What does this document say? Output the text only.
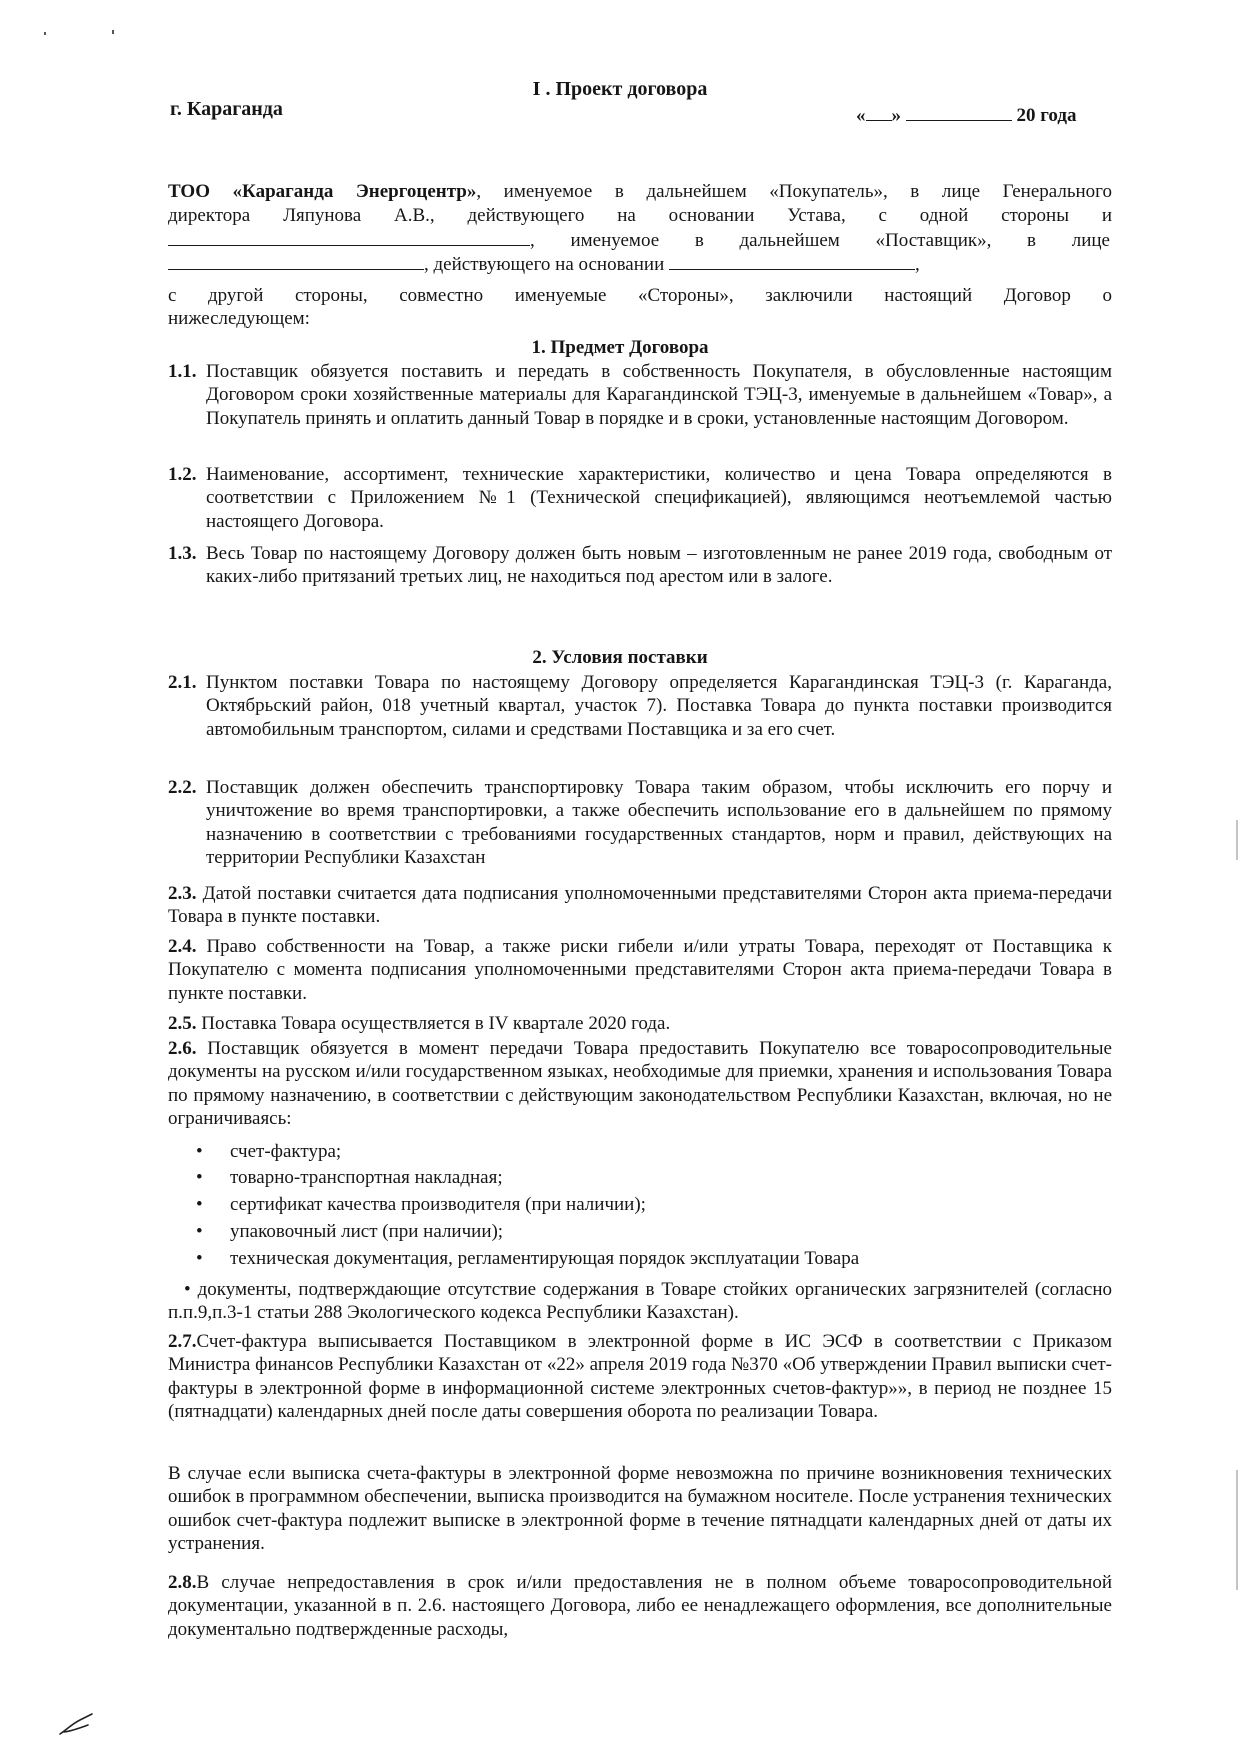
I . Проект договора
г. Караганда	« »	20 года
ТОО «Караганда Энергоцентр», именуемое в дальнейшем «Покупатель», в лице Генерального
директора Ляпунова А.В., действующего на основании Устава, с одной стороны и
, именуемое в дальнейшем «Поставщик», в лице
, действующего на основании	,
с другой стороны, совместно именуемые «Стороны», заключили настоящий Договор о
нижеследующем:
1. Предмет Договора
1.1. Поставщик обязуется поставить и передать в собственность Покупателя, в обусловленные настоящим Договором сроки хозяйственные материалы для Карагандинской ТЭЦ-3, именуемые в дальнейшем «Товар», а Покупатель принять и оплатить данный Товар в порядке и в сроки, установленные настоящим Договором.
1.2. Наименование, ассортимент, технические характеристики, количество и цена Товара определяются в соответствии с Приложением №1 (Технической спецификацией), являющимся неотъемлемой частью настоящего Договора.
1.3. Весь Товар по настоящему Договору должен быть новым – изготовленным не ранее 2019 года, свободным от каких-либо притязаний третьих лиц, не находиться под арестом или в залоге.
2. Условия поставки
2.1. Пунктом поставки Товара по настоящему Договору определяется Карагандинская ТЭЦ-3 (г. Караганда, Октябрьский район, 018 учетный квартал, участок 7). Поставка Товара до пункта поставки производится автомобильным транспортом, силами и средствами Поставщика и за его счет.
2.2. Поставщик должен обеспечить транспортировку Товара таким образом, чтобы исключить его порчу и уничтожение во время транспортировки, а также обеспечить использование его в дальнейшем по прямому назначению в соответствии с требованиями государственных стандартов, норм и правил, действующих на территории Республики Казахстан
2.3. Датой поставки считается дата подписания уполномоченными представителями Сторон акта приема-передачи Товара в пункте поставки.
2.4. Право собственности на Товар, а также риски гибели и/или утраты Товара, переходят от Поставщика к Покупателю с момента подписания уполномоченными представителями Сторон акта приема-передачи Товара в пункте поставки.
2.5. Поставка Товара осуществляется в IV квартале 2020 года.
2.6. Поставщик обязуется в момент передачи Товара предоставить Покупателю все товаросопроводительные документы на русском и/или государственном языках, необходимые для приемки, хранения и использования Товара по прямому назначению, в соответствии с действующим законодательством Республики Казахстан, включая, но не ограничиваясь:
• счет-фактура;
• товарно-транспортная накладная;
• сертификат качества производителя (при наличии);
• упаковочный лист (при наличии);
• техническая документация, регламентирующая порядок эксплуатации Товара
• документы, подтверждающие отсутствие содержания в Товаре стойких органических загрязнителей (согласно п.п.9,п.3-1 статьи 288 Экологического кодекса Республики Казахстан).
2.7.Счет-фактура выписывается Поставщиком в электронной форме в ИС ЭСФ в соответствии с Приказом Министра финансов Республики Казахстан от «22» апреля 2019 года №370 «Об утверждении Правил выписки счет-фактуры в электронной форме в информационной системе электронных счетов-фактур»», в период не позднее 15 (пятнадцати) календарных дней после даты совершения оборота по реализации Товара.
В случае если выписка счета-фактуры в электронной форме невозможна по причине возникновения технических ошибок в программном обеспечении, выписка производится на бумажном носителе. После устранения технических ошибок счет-фактура подлежит выписке в электронной форме в течение пятнадцати календарных дней от даты их устранения.
2.8.В случае непредоставления в срок и/или предоставления не в полном объеме товаросопроводительной документации, указанной в п. 2.6. настоящего Договора, либо ее ненадлежащего оформления, все дополнительные документально подтвержденные расходы,
